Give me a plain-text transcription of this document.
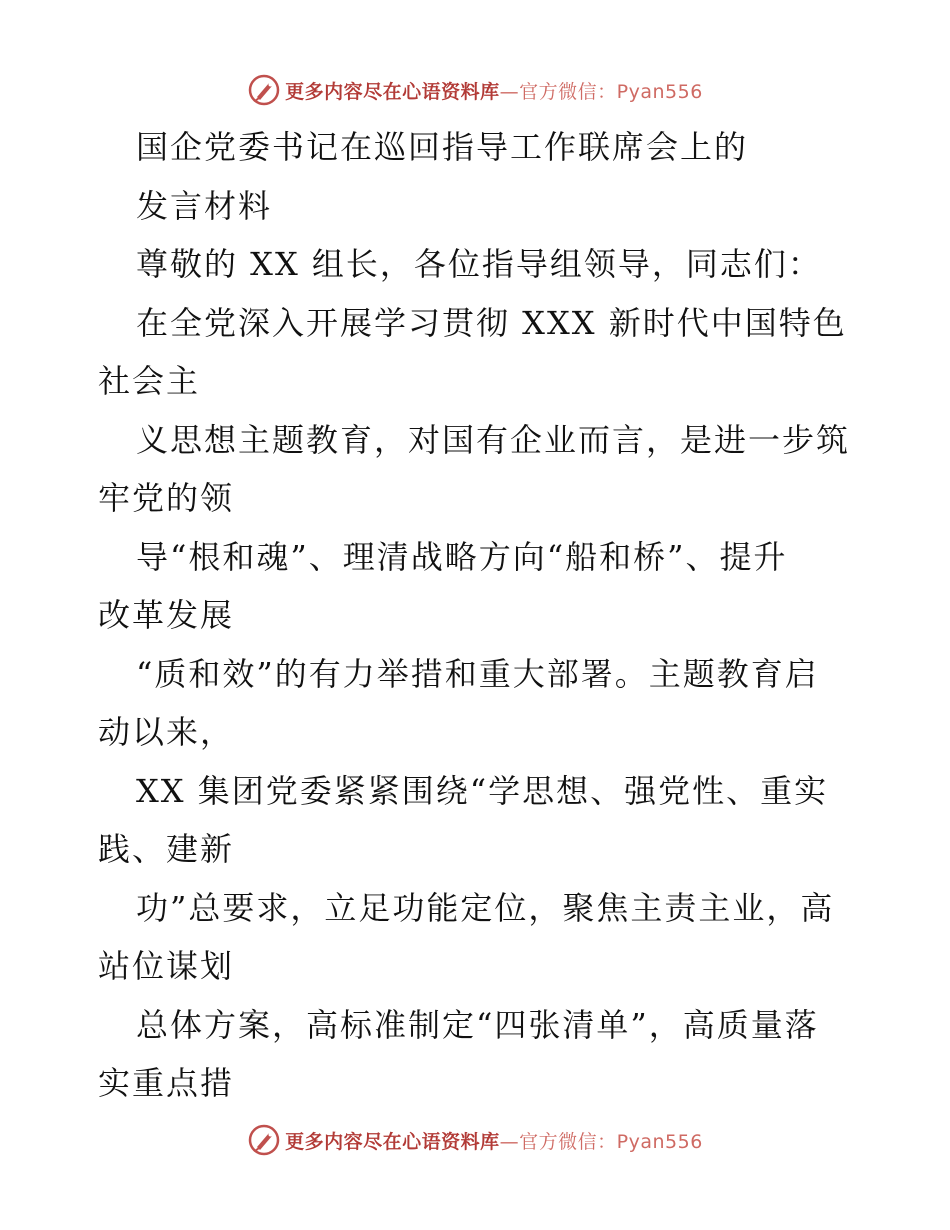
更多内容尽在心语资料库—官方微信：Pyan556
国企党委书记在巡回指导工作联席会上的
发言材料
尊敬的 XX 组长，各位指导组领导，同志们：
在全党深入开展学习贯彻 XXX 新时代中国特色
社会主
义思想主题教育，对国有企业而言，是进一步筑
牢党的领
导“根和魂”、理清战略方向“船和桥”、提升
改革发展
“质和效”的有力举措和重大部署。主题教育启
动以来，
XX 集团党委紧紧围绕“学思想、强党性、重实
践、建新
功”总要求，立足功能定位，聚焦主责主业，高
站位谋划
总体方案，高标准制定“四张清单”，高质量落
实重点措
更多内容尽在心语资料库—官方微信：Pyan556
